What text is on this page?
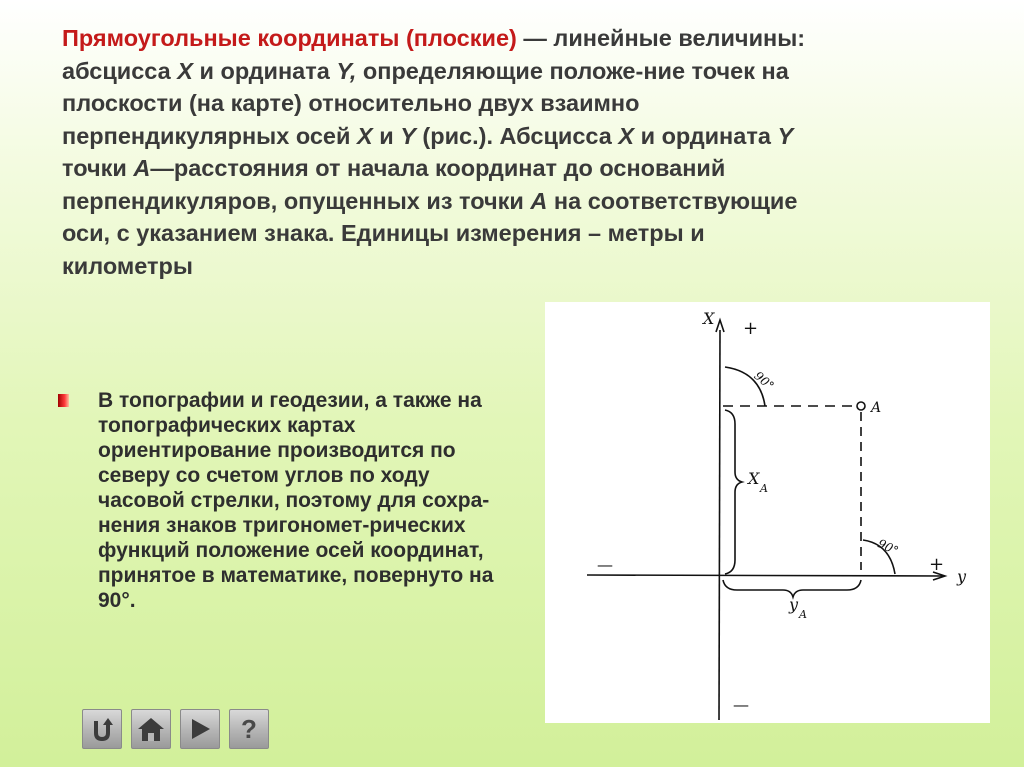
Прямоугольные координаты (плоские) — линейные величины:
абсцисса X и ордината Y, определяющие положе-ние точек на
плоскости (на карте) относительно двух взаимно
перпендикулярных осей X и Y (рис.). Абсцисса X и ордината Y
точки А—расстояния от начала координат до оснований
перпендикуляров, опущенных из точки А на соответствующие
оси, с указанием знака. Единицы измерения – метры и
километры
В топографии и геодезии, а также на топографических картах ориентирование производится по северу со счетом углов по ходу часовой стрелки, поэтому для сохра-нения знаков тригономет-рических функций положение осей координат, принятое в математике, повернуто на 90°.
X +
90°
A
X
A
—
90°
+
y
y
A
—
?
